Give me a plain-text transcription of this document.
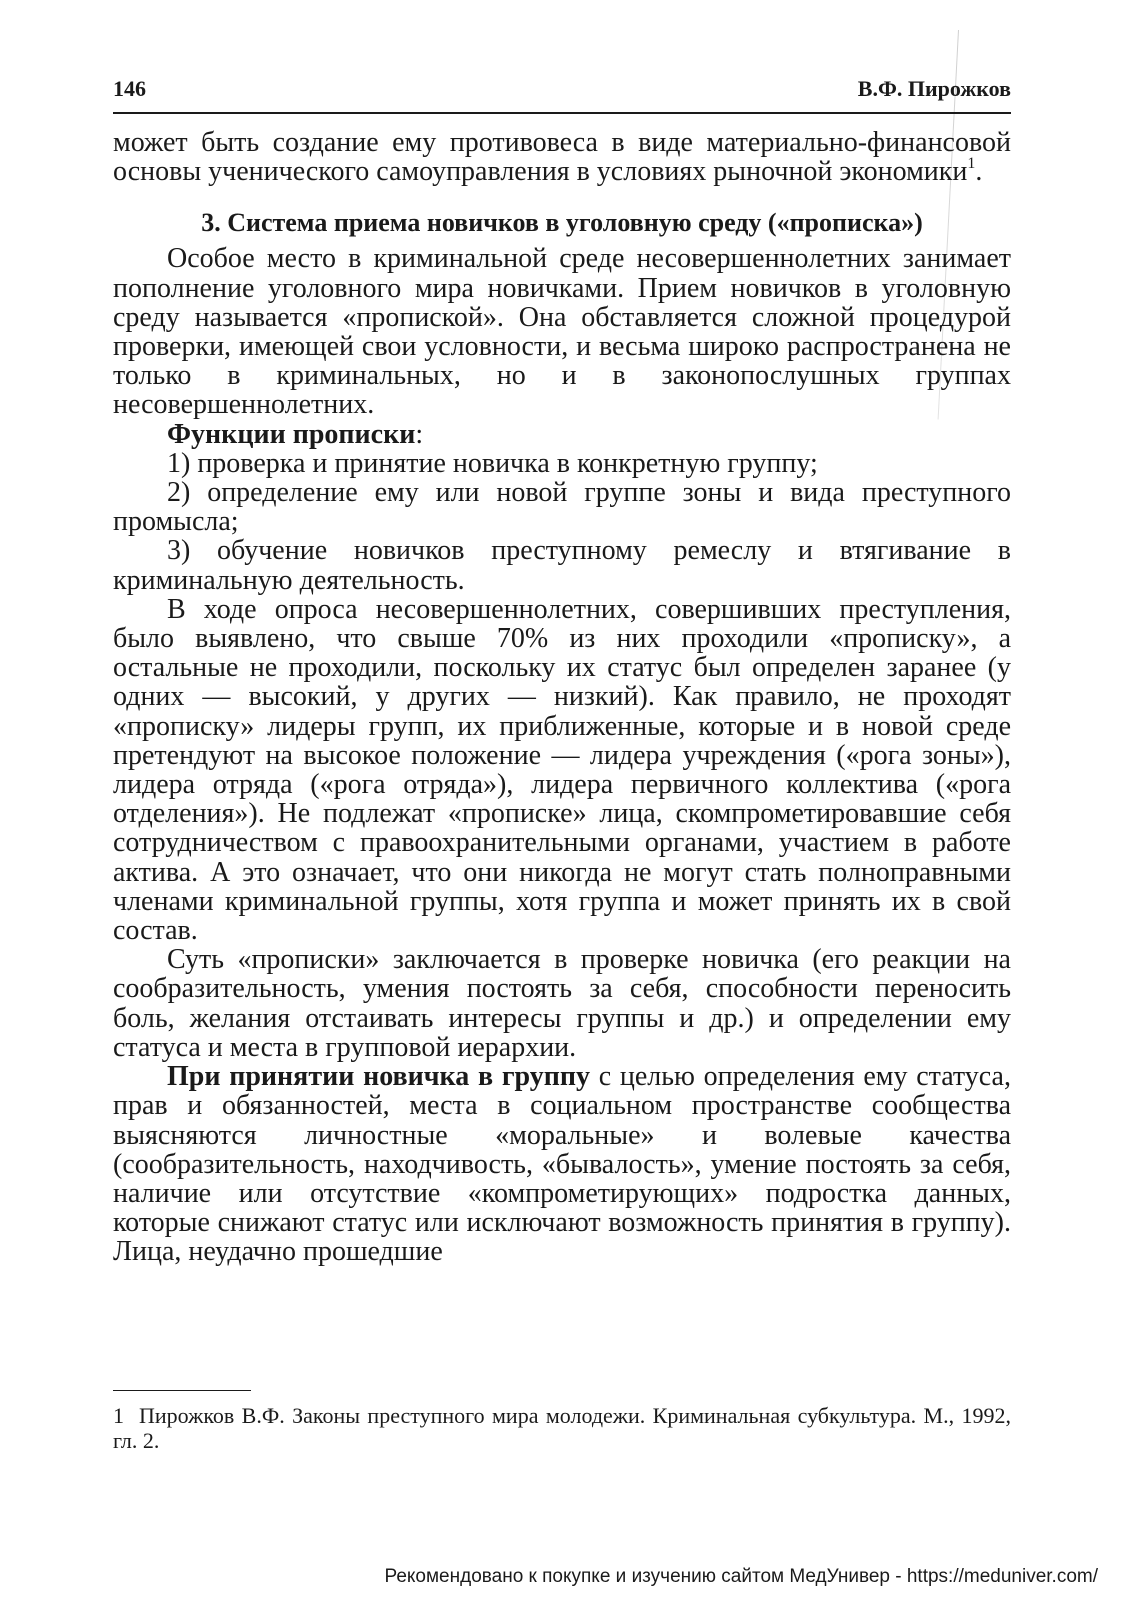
146	В.Ф. Пирожков

может быть создание ему противовеса в виде материально-финансовой основы ученического самоуправления в условиях рыночной экономики$^1$.

3. Система приема новичков в уголовную среду («прописка»)

Особое место в криминальной среде несовершеннолетних занимает пополнение уголовного мира новичками. Прием новичков в уголовную среду называется «пропиской». Она обставляется сложной процедурой проверки, имеющей свои условности, и весьма широко распространена не только в криминальных, но и в законопослушных группах несовершеннолетних.

Функции прописки:

1) проверка и принятие новичка в конкретную группу;

2) определение ему или новой группе зоны и вида преступного промысла;

3) обучение новичков преступному ремеслу и втягивание в криминальную деятельность.

В ходе опроса несовершеннолетних, совершивших преступления, было выявлено, что свыше 70% из них проходили «прописку», а остальные не проходили, поскольку их статус был определен заранее (у одних — высокий, у других — низкий). Как правило, не проходят «прописку» лидеры групп, их приближенные, которые и в новой среде претендуют на высокое положение — лидера учреждения («рога зоны»), лидера отряда («рога отряда»), лидера первичного коллектива («рога отделения»). Не подлежат «прописке» лица, скомпрометировавшие себя сотрудничеством с правоохранительными органами, участием в работе актива. А это означает, что они никогда не могут стать полноправными членами криминальной группы, хотя группа и может принять их в свой состав.

Суть «прописки» заключается в проверке новичка (его реакции на сообразительность, умения постоять за себя, способности переносить боль, желания отстаивать интересы группы и др.) и определении ему статуса и места в групповой иерархии.

При принятии новичка в группу с целью определения ему статуса, прав и обязанностей, места в социальном пространстве сообщества выясняются личностные «моральные» и волевые качества (сообразительность, находчивость, «бывалость», умение постоять за себя, наличие или отсутствие «компрометирующих» подростка данных, которые снижают статус или исключают возможность принятия в группу). Лица, неудачно прошедшие

1 Пирожков В.Ф. Законы преступного мира молодежи. Криминальная субкультура. М., 1992, гл. 2.
Рекомендовано к покупке и изучению сайтом МедУнивер - https://meduniver.com/
